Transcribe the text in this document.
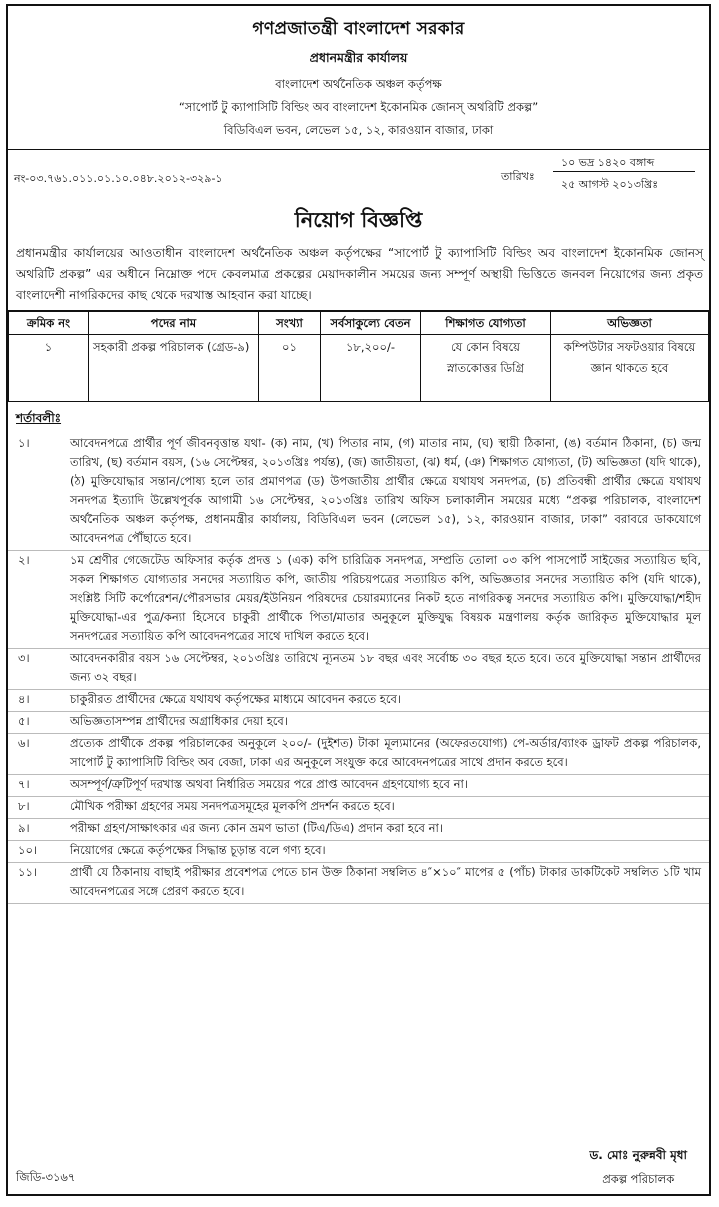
গণপ্রজাতন্ত্রী বাংলাদেশ সরকার
প্রধানমন্ত্রীর কার্যালয়
বাংলাদেশ অর্থনৈতিক অঞ্চল কর্তৃপক্ষ
“সাপোর্ট টু ক্যাপাসিটি বিল্ডিং অব বাংলাদেশ ইকোনমিক জোনস্ অথরিটি প্রকল্প”
বিডিবিএল ভবন, লেভেল ১৫, ১২, কারওয়ান বাজার, ঢাকা
নং-০৩.৭৬১.০১১.০১.১০.০৪৮.২০১২-৩২৯-১	তারিখঃ
১০ ভদ্র ১৪২০ বঙ্গাব্দ
২৫ আগস্ট ২০১৩খ্রিঃ
নিয়োগ বিজ্ঞপ্তি
প্রধানমন্ত্রীর কার্যালয়ের আওতাধীন বাংলাদেশ অর্থনৈতিক অঞ্চল কর্তৃপক্ষের “সাপোর্ট টু ক্যাপাসিটি বিল্ডিং অব বাংলাদেশ ইকোনমিক জোনস্ অথরিটি প্রকল্প” এর অধীনে নিম্নোক্ত পদে কেবলমাত্র প্রকল্পের মেয়াদকালীন সময়ের জন্য সম্পূর্ণ অস্থায়ী ভিত্তিতে জনবল নিয়োগের জন্য প্রকৃত বাংলাদেশী নাগরিকদের কাছ থেকে দরখাস্ত আহবান করা যাচ্ছে।
ক্রমিক নং	পদের নাম	সংখ্যা	সর্বসাকুল্যে বেতন	শিক্ষাগত যোগ্যতা	অভিজ্ঞতা
১	সহকারী প্রকল্প পরিচালক (গ্রেড-৯)	০১	১৮,২০০/-	যে কোন বিষয়ে স্নাতকোত্তর ডিগ্রি	কম্পিউটার সফটওয়ার বিষয়ে জ্ঞান থাকতে হবে
শর্তাবলীঃ
১।	আবেদনপত্রে প্রার্থীর পূর্ণ জীবনবৃত্তান্ত যথা- (ক) নাম, (খ) পিতার নাম, (গ) মাতার নাম, (ঘ) স্থায়ী ঠিকানা, (ঙ) বর্তমান ঠিকানা, (চ) জন্ম তারিখ, (ছ) বর্তমান বয়স, (১৬ সেপ্টেম্বর, ২০১৩খ্রিঃ পর্যন্ত), (জ) জাতীয়তা, (ঝ) ধর্ম, (ঞ) শিক্ষাগত যোগ্যতা, (ট) অভিজ্ঞতা (যদি থাকে), (ঠ) মুক্তিযোদ্ধার সন্তান/পোষ্য হলে তার প্রমাণপত্র (ড) উপজাতীয় প্রার্থীর ক্ষেত্রে যথাযথ সনদপত্র, (চ) প্রতিবন্ধী প্রার্থীর ক্ষেত্রে যথাযথ সনদপত্র ইত্যাদি উল্লেখপূর্বক আগামী ১৬ সেপ্টেম্বর, ২০১৩খ্রিঃ তারিখ অফিস চলাকালীন সময়ের মধ্যে “প্রকল্প পরিচালক, বাংলাদেশ অর্থনৈতিক অঞ্চল কর্তৃপক্ষ, প্রধানমন্ত্রীর কার্যালয়, বিডিবিএল ভবন (লেভেল ১৫), ১২, কারওয়ান বাজার, ঢাকা” বরাবরে ডাকযোগে আবেদনপত্র পৌঁছাতে হবে।
২।	১ম শ্রেণীর গেজেটেড অফিসার কর্তৃক প্রদত্ত ১ (এক) কপি চারিত্রিক সনদপত্র, সম্প্রতি তোলা ০৩ কপি পাসপোর্ট সাইজের সত্যায়িত ছবি, সকল শিক্ষাগত যোগ্যতার সনদের সত্যায়িত কপি, জাতীয় পরিচয়পত্রের সত্যায়িত কপি, অভিজ্ঞতার সনদের সত্যায়িত কপি (যদি থাকে), সংশ্লিষ্ট সিটি কর্পোরেশন/পৌরসভার মেয়র/ইউনিয়ন পরিষদের চেয়ারম্যানের নিকট হতে নাগরিকত্ব সনদের সত্যায়িত কপি। মুক্তিযোদ্ধা/শহীদ মুক্তিযোদ্ধা-এর পুত্র/কন্যা হিসেবে চাকুরী প্রার্থীকে পিতা/মাতার অনুকূলে মুক্তিযুদ্ধ বিষয়ক মন্ত্রণালয় কর্তৃক জারিকৃত মুক্তিযোদ্ধার মূল সনদপত্রের সত্যায়িত কপি আবেদনপত্রের সাথে দাখিল করতে হবে।
৩।	আবেদনকারীর বয়স ১৬ সেপ্টেম্বর, ২০১৩খ্রিঃ তারিখে ন্যূনতম ১৮ বছর এবং সর্বোচ্চ ৩০ বছর হতে হবে। তবে মুক্তিযোদ্ধা সন্তান প্রার্থীদের জন্য ৩২ বছর।
৪।	চাকুরীরত প্রার্থীদের ক্ষেত্রে যথাযথ কর্তৃপক্ষের মাধ্যমে আবেদন করতে হবে।
৫।	অভিজ্ঞতাসম্পন্ন প্রার্থীদের অগ্রাধিকার দেয়া হবে।
৬।	প্রত্যেক প্রার্থীকে প্রকল্প পরিচালকের অনুকূলে ২০০/- (দুইশত) টাকা মূল্যমানের (অফেরতযোগ্য) পে-অর্ডার/ব্যাংক ড্রাফট প্রকল্প পরিচালক, সাপোর্ট টু ক্যাপাসিটি বিল্ডিং অব বেজা, ঢাকা এর অনুকূলে সংযুক্ত করে আবেদনপত্রের সাথে প্রদান করতে হবে।
৭।	অসম্পূর্ণ/ত্রুটিপূর্ণ দরখাস্ত অথবা নির্ধারিত সময়ের পরে প্রাপ্ত আবেদন গ্রহণযোগ্য হবে না।
৮।	মৌখিক পরীক্ষা গ্রহণের সময় সনদপত্রসমূহের মূলকপি প্রদর্শন করতে হবে।
৯।	পরীক্ষা গ্রহণ/সাক্ষাৎকার এর জন্য কোন ভ্রমণ ভাতা (টিএ/ডিএ) প্রদান করা হবে না।
১০।	নিয়োগের ক্ষেত্রে কর্তৃপক্ষের সিদ্ধান্ত চূড়ান্ত বলে গণ্য হবে।
১১।	প্রার্থী যে ঠিকানায় বাছাই পরীক্ষার প্রবেশপত্র পেতে চান উক্ত ঠিকানা সম্বলিত ৪″×১০″ মাপের ৫ (পাঁচ) টাকার ডাকটিকেট সম্বলিত ১টি খাম আবেদনপত্রের সঙ্গে প্রেরণ করতে হবে।
জিডি-৩১৬৭
ড. মোঃ নুরুন্নবী মৃধা
প্রকল্প পরিচালক
